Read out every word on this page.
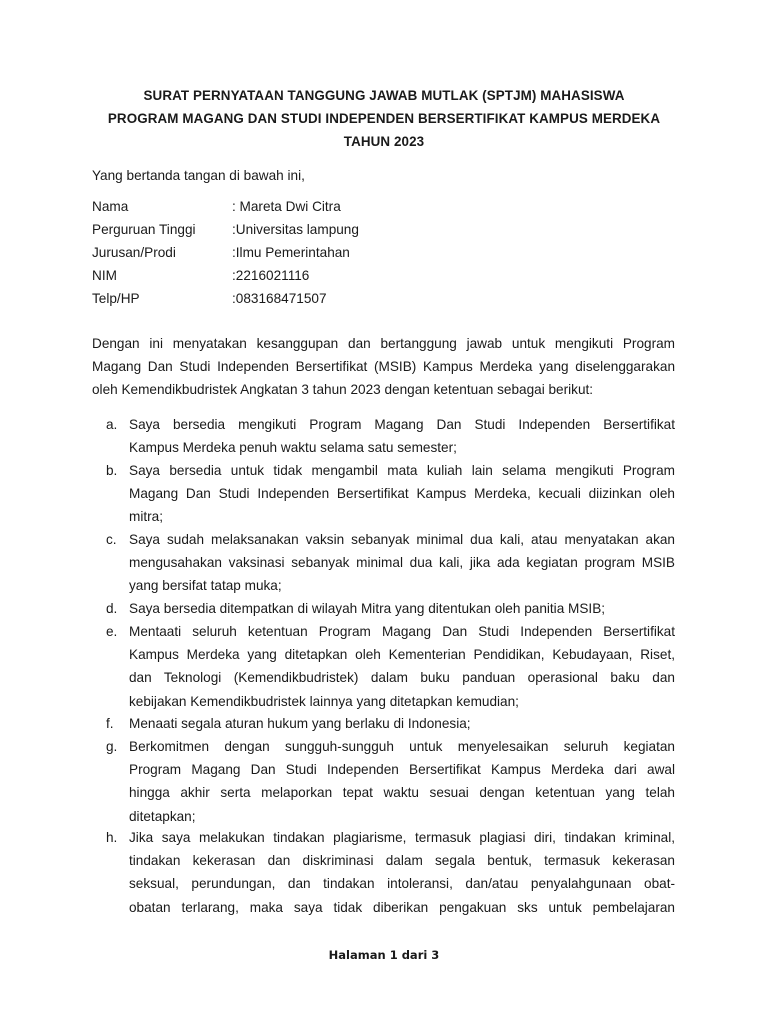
SURAT PERNYATAAN TANGGUNG JAWAB MUTLAK (SPTJM) MAHASISWA
PROGRAM MAGANG DAN STUDI INDEPENDEN BERSERTIFIKAT KAMPUS MERDEKA
TAHUN 2023
Yang bertanda tangan di bawah ini,
Nama	: Mareta Dwi Citra
Perguruan Tinggi	:Universitas lampung
Jurusan/Prodi	:Ilmu Pemerintahan
NIM	:2216021116
Telp/HP	:083168471507
Dengan ini menyatakan kesanggupan dan bertanggung jawab untuk mengikuti Program
Magang Dan Studi Independen Bersertifikat (MSIB) Kampus Merdeka yang diselenggarakan
oleh Kemendikbudristek Angkatan 3 tahun 2023 dengan ketentuan sebagai berikut:
a. Saya bersedia mengikuti Program Magang Dan Studi Independen Bersertifikat
Kampus Merdeka penuh waktu selama satu semester;
b. Saya bersedia untuk tidak mengambil mata kuliah lain selama mengikuti Program
Magang Dan Studi Independen Bersertifikat Kampus Merdeka, kecuali diizinkan oleh
mitra;
c. Saya sudah melaksanakan vaksin sebanyak minimal dua kali, atau menyatakan akan
mengusahakan vaksinasi sebanyak minimal dua kali, jika ada kegiatan program MSIB
yang bersifat tatap muka;
d. Saya bersedia ditempatkan di wilayah Mitra yang ditentukan oleh panitia MSIB;
e. Mentaati seluruh ketentuan Program Magang Dan Studi Independen Bersertifikat
Kampus Merdeka yang ditetapkan oleh Kementerian Pendidikan, Kebudayaan, Riset,
dan Teknologi (Kemendikbudristek) dalam buku panduan operasional baku dan
kebijakan Kemendikbudristek lainnya yang ditetapkan kemudian;
f. Menaati segala aturan hukum yang berlaku di Indonesia;
g. Berkomitmen dengan sungguh-sungguh untuk menyelesaikan seluruh kegiatan
Program Magang Dan Studi Independen Bersertifikat Kampus Merdeka dari awal
hingga akhir serta melaporkan tepat waktu sesuai dengan ketentuan yang telah
ditetapkan;
h. Jika saya melakukan tindakan plagiarisme, termasuk plagiasi diri, tindakan kriminal,
tindakan kekerasan dan diskriminasi dalam segala bentuk, termasuk kekerasan
seksual, perundungan, dan tindakan intoleransi, dan/atau penyalahgunaan obat-
obatan terlarang, maka saya tidak diberikan pengakuan sks untuk pembelajaran
Halaman 1 dari 3
